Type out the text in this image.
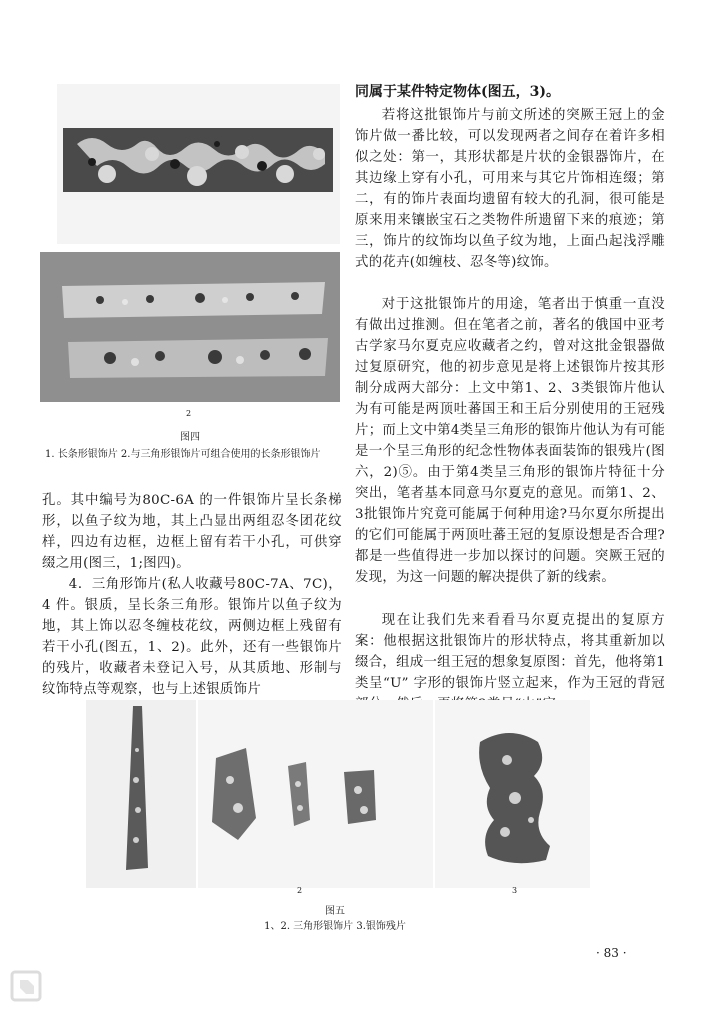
2
图四
1. 长条形银饰片 2.与三角形银饰片可组合使用的长条形银饰片

孔。其中编号为80C-6A 的一件银饰片呈长条梯形，以鱼子纹为地，其上凸显出两组忍冬团花纹样，四边有边框，边框上留有若干小孔，可供穿缀之用(图三，1;图四)。

4．三角形饰片(私人收藏号80C-7A、7C)，4 件。银质，呈长条三角形。银饰片以鱼子纹为地，其上饰以忍冬缠枝花纹，两侧边框上残留有若干小孔(图五，1、2)。此外，还有一些银饰片的残片，收藏者未登记入号，从其质地、形制与纹饰特点等观察，也与上述银质饰片

同属于某件特定物体(图五，3)。

若将这批银饰片与前文所述的突厥王冠上的金饰片做一番比较，可以发现两者之间存在着许多相似之处：第一，其形状都是片状的金银器饰片，在其边缘上穿有小孔，可用来与其它片饰相连缀；第二，有的饰片表面均遗留有较大的孔洞，很可能是原来用来镶嵌宝石之类物件所遗留下来的痕迹；第三，饰片的纹饰均以鱼子纹为地，上面凸起浅浮雕式的花卉(如缠枝、忍冬等)纹饰。

对于这批银饰片的用途，笔者出于慎重一直没有做出过推测。但在笔者之前，著名的俄国中亚考古学家马尔夏克应收藏者之约，曾对这批金银器做过复原研究，他的初步意见是将上述银饰片按其形制分成两大部分：上文中第1、2、3类银饰片他认为有可能是两顶吐蕃国王和王后分别使用的王冠残片；而上文中第4类呈三角形的银饰片他认为有可能是一个呈三角形的纪念性物体表面装饰的银残片(图六，2)⑤。由于第4类呈三角形的银饰片特征十分突出，笔者基本同意马尔夏克的意见。而第1、2、3批银饰片究竟可能属于何种用途?马尔夏尔所提出的它们可能属于两顶吐蕃王冠的复原设想是否合理?都是一些值得进一步加以探讨的问题。突厥王冠的发现，为这一问题的解决提供了新的线索。

现在让我们先来看看马尔夏克提出的复原方案：他根据这批银饰片的形状特点，将其重新加以缀合，组成一组王冠的想象复原图：首先，他将第1类呈“U” 字形的银饰片竖立起来，作为王冠的背冠

2	3
图五
1、2. 三角形银饰片 3.银饰残片
· 83 ·
